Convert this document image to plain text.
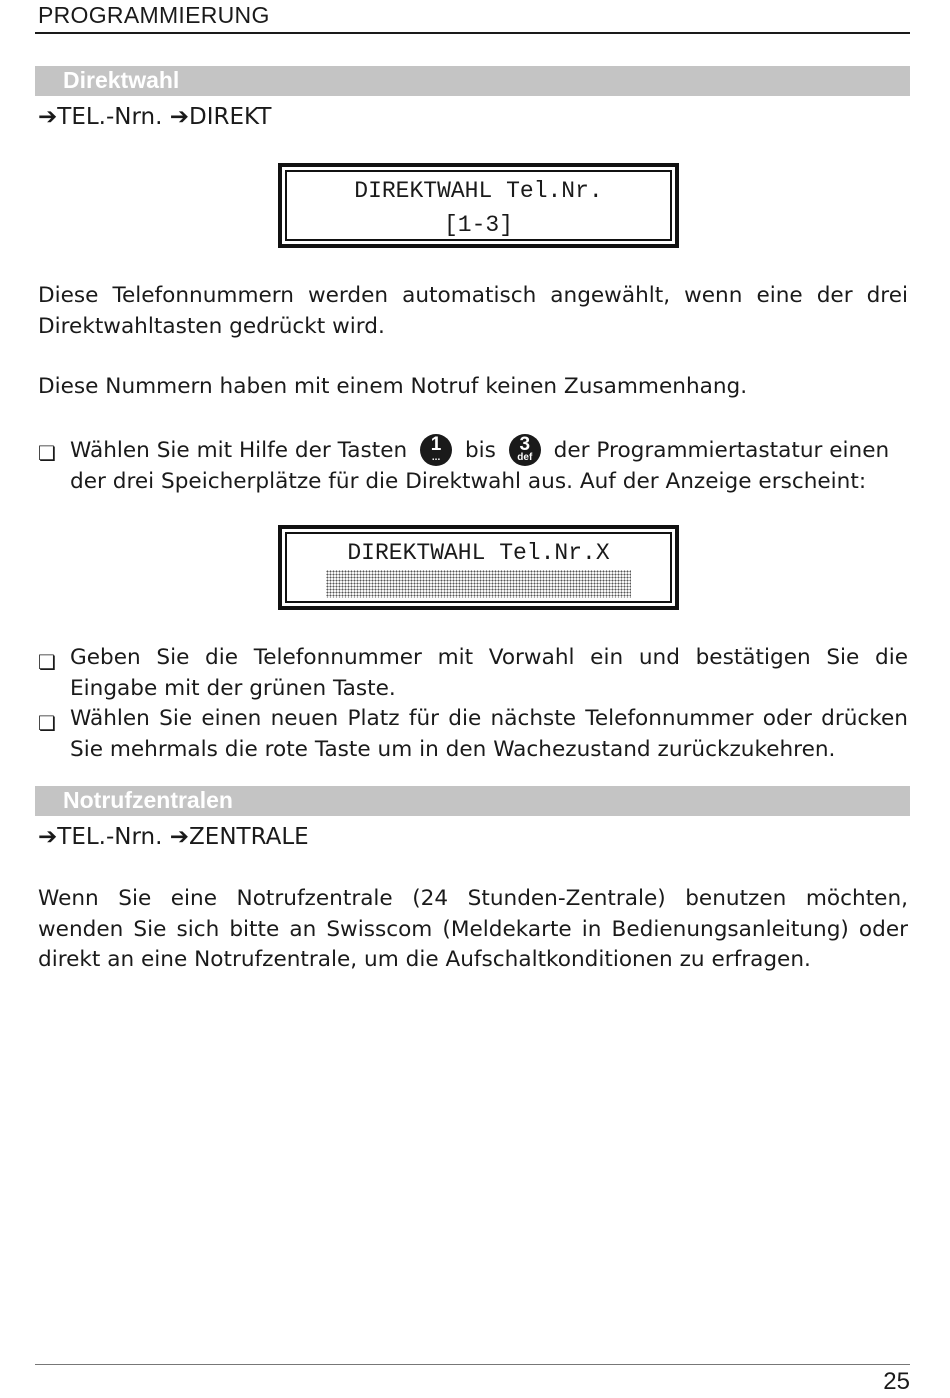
PROGRAMMIERUNG
Direktwahl
➔TEL.-Nrn. ➔DIREKT
DIREKTWAHL Tel.Nr.
[1-3]
Diese Telefonnummern werden automatisch angewählt, wenn eine der drei Direktwahltasten gedrückt wird.
Diese Nummern haben mit einem Notruf keinen Zusammenhang.
❏ Wählen Sie mit Hilfe der Tasten	1
...	bis	3
def der Programmiertastatur einen der drei Speicherplätze für die Direktwahl aus. Auf der Anzeige erscheint:
DIREKTWAHL Tel.Nr.X
❏ Geben Sie die Telefonnummer mit Vorwahl ein und bestätigen Sie die Eingabe mit der grünen Taste.
❏ Wählen Sie einen neuen Platz für die nächste Telefonnummer oder drücken Sie mehrmals die rote Taste um in den Wachezustand zurückzukehren.
Notrufzentralen
➔TEL.-Nrn. ➔ZENTRALE
Wenn Sie eine Notrufzentrale (24 Stunden-Zentrale) benutzen möchten, wenden Sie sich bitte an Swisscom (Meldekarte in Bedienungsanleitung) oder direkt an eine Notrufzentrale, um die Aufschaltkonditionen zu erfragen.
25
